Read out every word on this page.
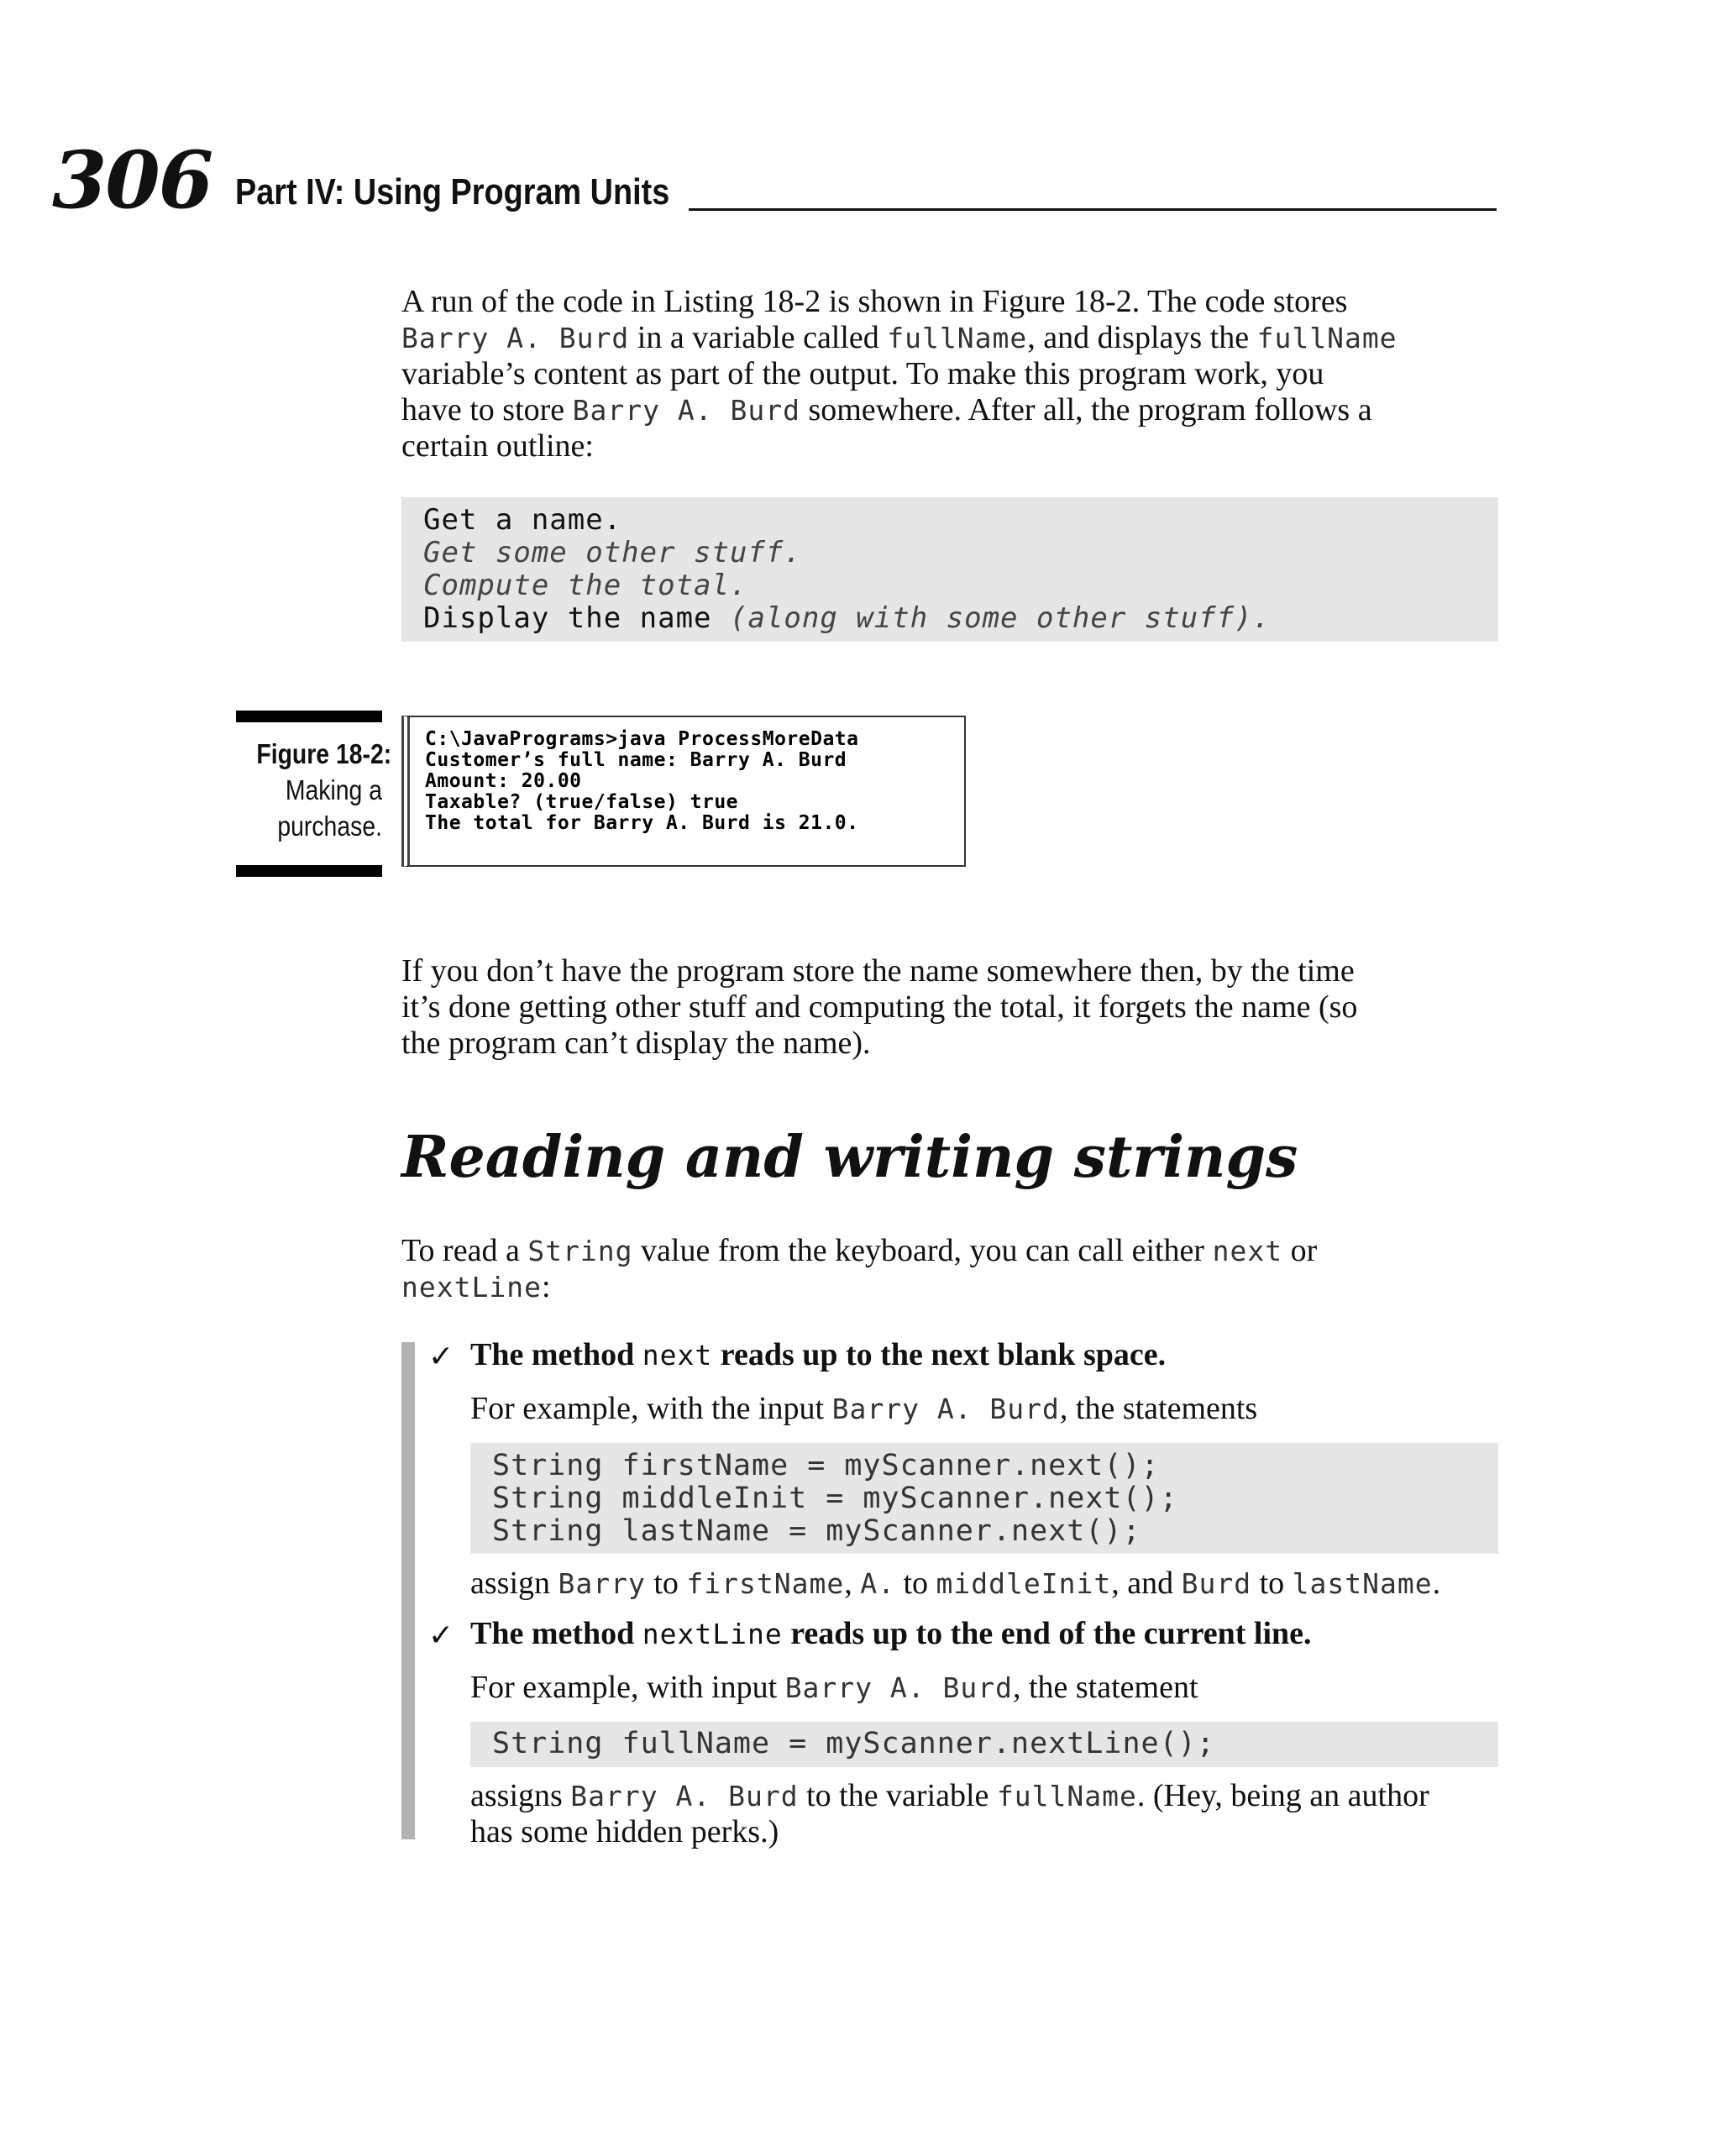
306 Part IV: Using Program Units

A run of the code in Listing 18-2 is shown in Figure 18-2. The code stores

Barry A. Burd in a variable called fullName, and displays the fullName

variable’s content as part of the output. To make this program work, you

have to store Barry A. Burd somewhere. After all, the program follows a

certain outline:

Get a name.
Get some other stuff.
Compute the total.
Display the name (along with some other stuff).
Figure 18-2:
Making a
purchase.
C:\JavaPrograms>java ProcessMoreData
Customer’s full name: Barry A. Burd
Amount: 20.00
Taxable? (true/false) true
The total for Barry A. Burd is 21.0.

If you don’t have the program store the name somewhere then, by the time

it’s done getting other stuff and computing the total, it forgets the name (so

the program can’t display the name).

Reading and writing strings

To read a String value from the keyboard, you can call either next or

nextLine:

✓ The method next reads up to the next blank space.
For example, with the input Barry A. Burd, the statements
String firstName = myScanner.next();
String middleInit = myScanner.next();
String lastName = myScanner.next();
assign Barry to firstName, A. to middleInit, and Burd to lastName.
✓ The method nextLine reads up to the end of the current line.
For example, with input Barry A. Burd, the statement
String fullName = myScanner.nextLine();
assigns Barry A. Burd to the variable fullName. (Hey, being an author
has some hidden perks.)
